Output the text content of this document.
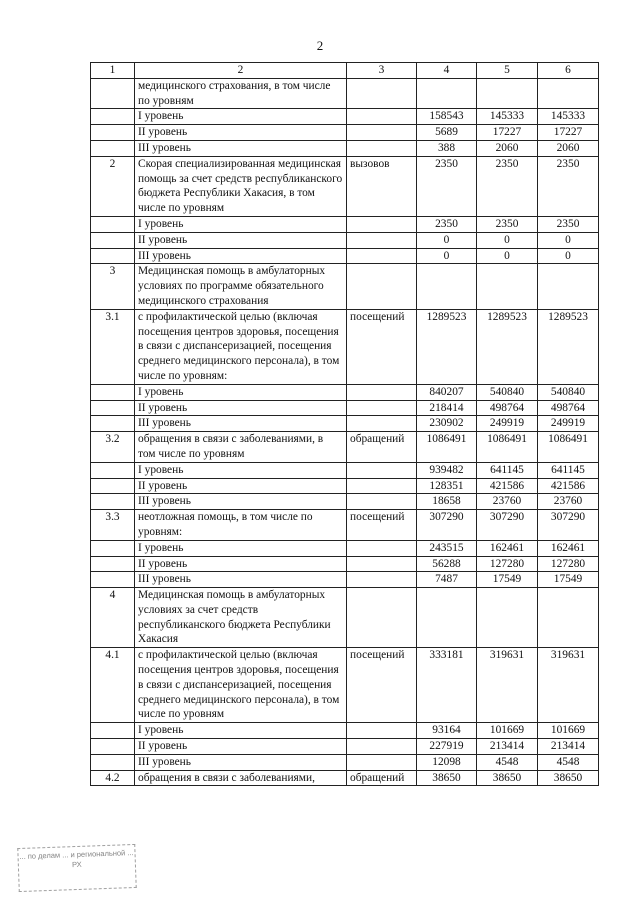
2
1	2	3	4	5	6
	медицинского страхования, в том числе по уровням				
	I уровень		158543	145333	145333
	II уровень		5689	17227	17227
	III уровень		388	2060	2060
2	Скорая специализированная медицинская помощь за счет средств республиканского бюджета Республики Хакасия, в том числе по уровням	вызовов	2350	2350	2350
	I уровень		2350	2350	2350
	II уровень		0	0	0
	III уровень		0	0	0
3	Медицинская помощь в амбулаторных условиях по программе обязательного медицинского страхования				
3.1	с профилактической целью (включая посещения центров здоровья, посещения в связи с диспансеризацией, посещения среднего медицинского персонала), в том числе по уровням:	посещений	1289523	1289523	1289523
	I уровень		840207	540840	540840
	II уровень		218414	498764	498764
	III уровень		230902	249919	249919
3.2	обращения в связи с заболеваниями, в том числе по уровням	обращений	1086491	1086491	1086491
	I уровень		939482	641145	641145
	II уровень		128351	421586	421586
	III уровень		18658	23760	23760
3.3	неотложная помощь, в том числе по уровням:	посещений	307290	307290	307290
	I уровень		243515	162461	162461
	II уровень		56288	127280	127280
	III уровень		7487	17549	17549
4	Медицинская помощь в амбулаторных условиях за счет средств республиканского бюджета Республики Хакасия				
4.1	с профилактической целью (включая посещения центров здоровья, посещения в связи с диспансеризацией, посещения среднего медицинского персонала), в том числе по уровням	посещений	333181	319631	319631
	I уровень		93164	101669	101669
	II уровень		227919	213414	213414
	III уровень		12098	4548	4548
4.2	обращения в связи с заболеваниями,	обращений	38650	38650	38650
... по делам ... и региональной ... РХ
